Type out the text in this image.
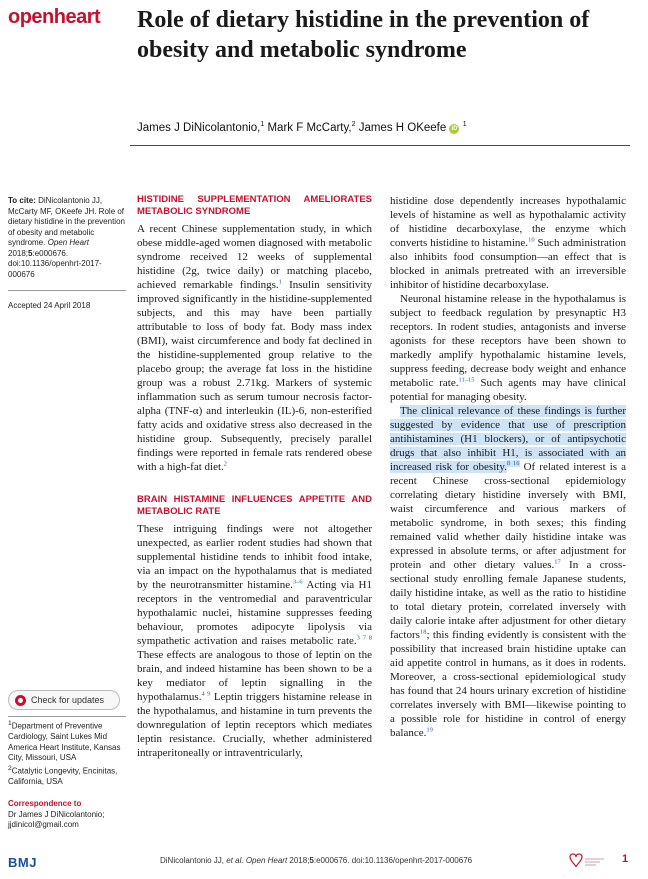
openheart Role of dietary histidine in the prevention of obesity and metabolic syndrome
James J DiNicolantonio,$^1$ Mark F McCarty,$^2$ James H OKeefe iD $^1$
To cite: DiNicolantonio JJ, McCarty MF, OKeefe JH. Role of dietary histidine in the prevention of obesity and metabolic syndrome. Open Heart 2018;5:e000676. doi:10.1136/openhrt-2017-000676
Accepted 24 April 2018
Check for updates
$^1$Department of Preventive Cardiology, Saint Lukes Mid America Heart Institute, Kansas City, Missouri, USA
$^2$Catalytic Longevity, Encinitas, California, USA
Correspondence to
Dr James J DiNicolantonio;
jjdinicol@gmail.com
HISTIDINE SUPPLEMENTATION AMELIORATES METABOLIC SYNDROME

A recent Chinese supplementation study, in which obese middle-aged women diagnosed with metabolic syndrome received 12 weeks of supplemental histidine (2g, twice daily) or matching placebo, achieved remarkable findings.$^1$ Insulin sensitivity improved significantly in the histidine-supplemented subjects, and this may have been partially attributable to loss of body fat. Body mass index (BMI), waist circumference and body fat declined in the histidine-supplemented group relative to the placebo group; the average fat loss in the histidine group was a robust 2.71kg. Markers of systemic inflammation such as serum tumour necrosis factor-alpha (TNF-α) and interleukin (IL)-6, non-esterified fatty acids and oxidative stress also decreased in the histidine group. Subsequently, precisely parallel findings were reported in female rats rendered obese with a high-fat diet.$^2$

BRAIN HISTAMINE INFLUENCES APPETITE AND METABOLIC RATE

These intriguing findings were not altogether unexpected, as earlier rodent studies had shown that supplemental histidine tends to inhibit food intake, via an impact on the hypothalamus that is mediated by the neurotransmitter histamine.$^{3-6}$ Acting via H1 receptors in the ventromedial and paraventricular hypothalamic nuclei, histamine suppresses feeding behaviour, promotes adipocyte lipolysis via sympathetic activation and raises metabolic rate.$^{3 7 8}$ These effects are analogous to those of leptin on the brain, and indeed histamine has been shown to be a key mediator of leptin signalling in the hypothalamus.$^{4 9}$ Leptin triggers histamine release in the hypothalamus, and histamine in turn prevents the downregulation of leptin receptors which mediates leptin resistance. Crucially, whether administered intraperitoneally or intraventricularly,

histidine dose dependently increases hypothalamic levels of histamine as well as hypothalamic activity of histidine decarboxylase, the enzyme which converts histidine to histamine.$^{10}$ Such administration also inhibits food consumption—an effect that is blocked in animals pretreated with an irreversible inhibitor of histidine decarboxylase.

Neuronal histamine release in the hypothalamus is subject to feedback regulation by presynaptic H3 receptors. In rodent studies, antagonists and inverse agonists for these receptors have been shown to markedly amplify hypothalamic histamine levels, suppress feeding, decrease body weight and enhance metabolic rate.$^{11-15}$ Such agents may have clinical potential for managing obesity.

The clinical relevance of these findings is further suggested by evidence that use of prescription antihistamines (H1 blockers), or of antipsychotic drugs that also inhibit H1, is associated with an increased risk for obesity.$^{8 16}$ Of related interest is a recent Chinese cross-sectional epidemiology correlating dietary histidine inversely with BMI, waist circumference and various markers of metabolic syndrome, in both sexes; this finding remained valid whether daily histidine intake was expressed in absolute terms, or after adjustment for protein and other dietary values.$^{17}$ In a cross-sectional study enrolling female Japanese students, daily histidine intake, as well as the ratio to histidine to total dietary protein, correlated inversely with daily calorie intake after adjustment for other dietary factors$^{18}$; this finding evidently is consistent with the possibility that increased brain histidine uptake can aid appetite control in humans, as it does in rodents. Moreover, a cross-sectional epidemiological study has found that 24 hours urinary excretion of histidine correlates inversely with BMI—likewise pointing to a possible role for histidine in control of energy balance.$^{19}$

BMJ	DiNicolantonio JJ, et al. Open Heart 2018;5:e000676. doi:10.1136/openhrt-2017-000676	1
